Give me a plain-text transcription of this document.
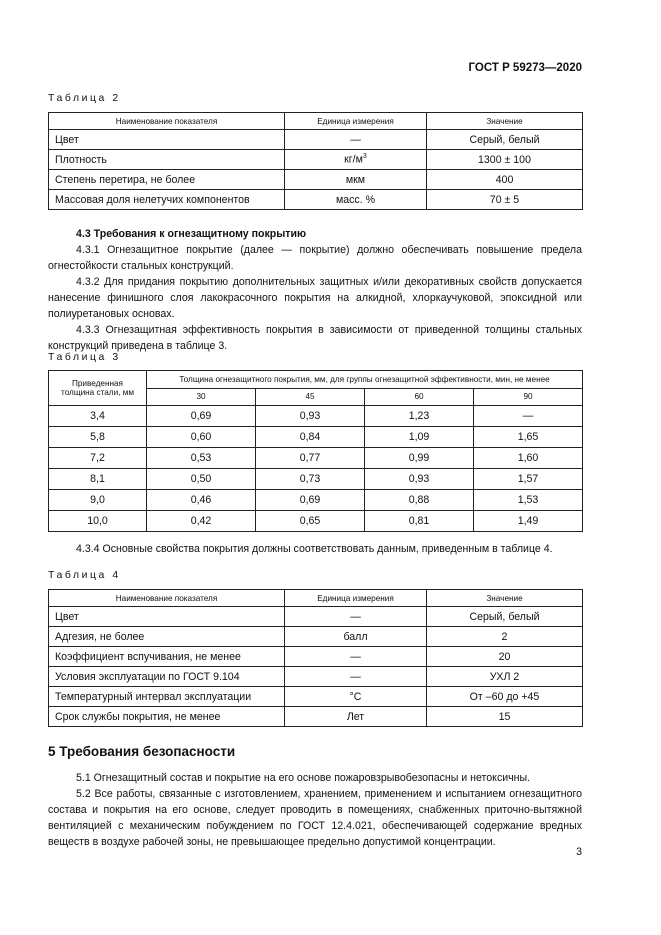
ГОСТ Р 59273—2020
Таблица 2
Наименование показателя	Единица измерения	Значение
Цвет	—	Серый, белый
Плотность	$кг/м^3$	1300 ± 100
Степень перетира, не более	мкм	400
Массовая доля нелетучих компонентов	масс. %	70 ± 5
4.3 Требования к огнезащитному покрытию
4.3.1 Огнезащитное покрытие (далее — покрытие) должно обеспечивать повышение предела огнестойкости стальных конструкций.
4.3.2 Для придания покрытию дополнительных защитных и/или декоративных свойств допускается нанесение финишного слоя лакокрасочного покрытия на алкидной, хлоркаучуковой, эпоксидной или полиуретановых основах.
4.3.3 Огнезащитная эффективность покрытия в зависимости от приведенной толщины стальных конструкций приведена в таблице 3.
Таблица 3
Приведенная толщина стали, мм	Толщина огнезащитного покрытия, мм, для группы огнезащитной эффективности, мин, не менее			
	30	45	60	90
3,4	0,69	0,93	1,23	—
5,8	0,60	0,84	1,09	1,65
7,2	0,53	0,77	0,99	1,60
8,1	0,50	0,73	0,93	1,57
9,0	0,46	0,69	0,88	1,53
10,0	0,42	0,65	0,81	1,49
4.3.4 Основные свойства покрытия должны соответствовать данным, приведенным в таблице 4.
Таблица 4
Наименование показателя	Единица измерения	Значение
Цвет	—	Серый, белый
Адгезия, не более	балл	2
Коэффициент вспучивания, не менее	—	20
Условия эксплуатации по ГОСТ 9.104	—	УХЛ 2
Температурный интервал эксплуатации	°С	От –60 до +45
Срок службы покрытия, не менее	Лет	15
5 Требования безопасности
5.1 Огнезащитный состав и покрытие на его основе пожаровзрывобезопасны и нетоксичны.
5.2 Все работы, связанные с изготовлением, хранением, применением и испытанием огнезащитного состава и покрытия на его основе, следует проводить в помещениях, снабженных приточно-вытяжной вентиляцией с механическим побуждением по ГОСТ 12.4.021, обеспечивающей содержание вредных веществ в воздухе рабочей зоны, не превышающее предельно допустимой концентрации.
3
